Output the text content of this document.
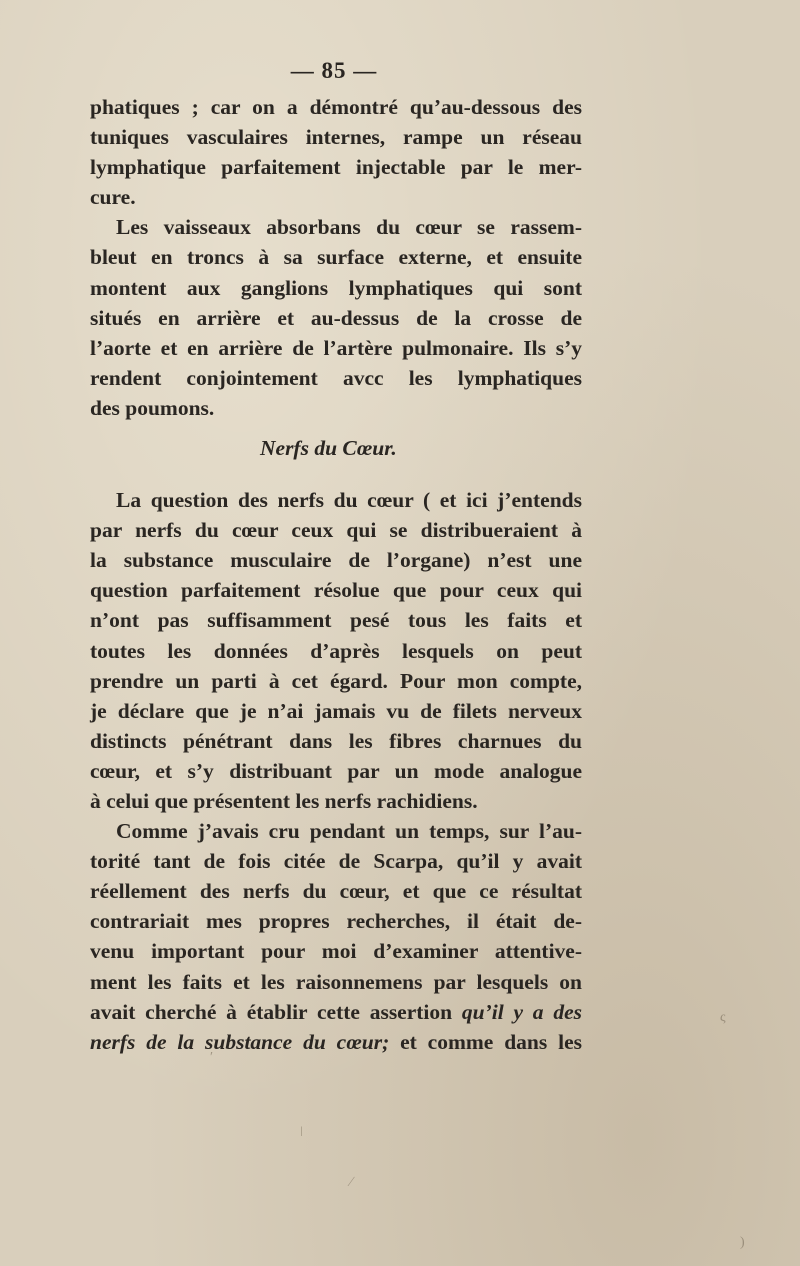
— 85 —
phatiques ; car on a démontré qu’au-dessous des
tuniques vasculaires internes, rampe un réseau
lymphatique parfaitement injectable par le mer-
cure.
Les vaisseaux absorbans du cœur se rassem-
bleut en troncs à sa surface externe, et ensuite
montent aux ganglions lymphatiques qui sont
situés en arrière et au-dessus de la crosse de
l’aorte et en arrière de l’artère pulmonaire. Ils s’y
rendent conjointement avcc les lymphatiques
des poumons.
Nerfs du Cœur.
La question des nerfs du cœur ( et ici j’entends
par nerfs du cœur ceux qui se distribueraient à
la substance musculaire de l’organe) n’est une
question parfaitement résolue que pour ceux qui
n’ont pas suffisamment pesé tous les faits et
toutes les données d’après lesquels on peut
prendre un parti à cet égard. Pour mon compte,
je déclare que je n’ai jamais vu de filets nerveux
distincts pénétrant dans les fibres charnues du
cœur, et s’y distribuant par un mode analogue
à celui que présentent les nerfs rachidiens.
Comme j’avais cru pendant un temps, sur l’au-
torité tant de fois citée de Scarpa, qu’il y avait
réellement des nerfs du cœur, et que ce résultat
contrariait mes propres recherches, il était de-
venu important pour moi d’examiner attentive-
ment les faits et les raisonnemens par lesquels on
avait cherché à établir cette assertion qu’il y a des
nerfs de la substance du cœur; et comme dans les
ǀ
∕
ς
)
′
